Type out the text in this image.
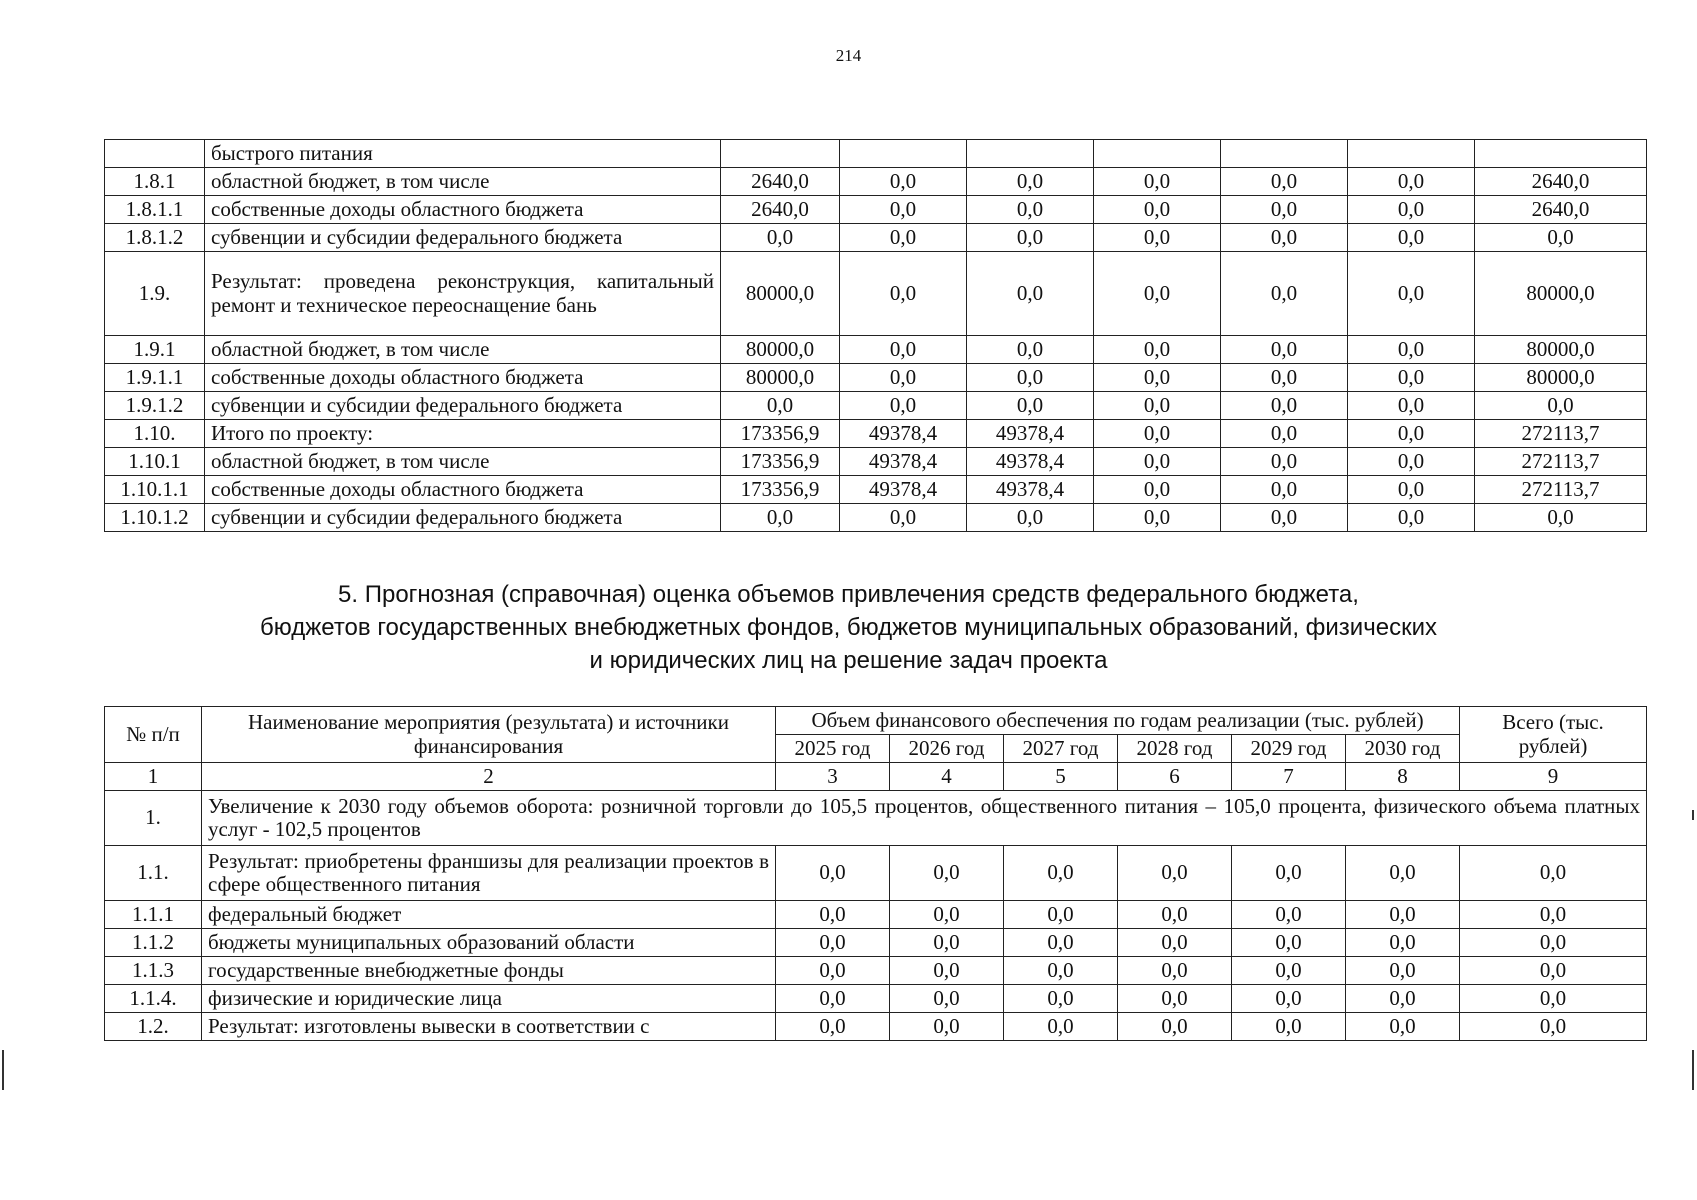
214
	быстрого питания							
1.8.1	областной бюджет, в том числе	2640,0	0,0	0,0	0,0	0,0	0,0	2640,0
1.8.1.1	собственные доходы областного бюджета	2640,0	0,0	0,0	0,0	0,0	0,0	2640,0
1.8.1.2	субвенции и субсидии федерального бюджета	0,0	0,0	0,0	0,0	0,0	0,0	0,0
1.9.	Результат: проведена реконструкция, капитальный ремонт и техническое переоснащение бань	80000,0	0,0	0,0	0,0	0,0	0,0	80000,0
1.9.1	областной бюджет, в том числе	80000,0	0,0	0,0	0,0	0,0	0,0	80000,0
1.9.1.1	собственные доходы областного бюджета	80000,0	0,0	0,0	0,0	0,0	0,0	80000,0
1.9.1.2	субвенции и субсидии федерального бюджета	0,0	0,0	0,0	0,0	0,0	0,0	0,0
1.10.	Итого по проекту:	173356,9	49378,4	49378,4	0,0	0,0	0,0	272113,7
1.10.1	областной бюджет, в том числе	173356,9	49378,4	49378,4	0,0	0,0	0,0	272113,7
1.10.1.1	собственные доходы областного бюджета	173356,9	49378,4	49378,4	0,0	0,0	0,0	272113,7
1.10.1.2	субвенции и субсидии федерального бюджета	0,0	0,0	0,0	0,0	0,0	0,0	0,0
5. Прогнозная (справочная) оценка объемов привлечения средств федерального бюджета,
бюджетов государственных внебюджетных фондов, бюджетов муниципальных образований, физических
и юридических лиц на решение задач проекта
№ п/п	Наименование мероприятия (результата) и источники финансирования	Объем финансового обеспечения по годам реализации (тыс. рублей)						Всего (тыс. рублей)
		2025 год	2026 год	2027 год	2028 год	2029 год	2030 год	
1	2	3	4	5	6	7	8	9
1.	Увеличение к 2030 году объемов оборота: розничной торговли до 105,5 процентов, общественного питания – 105,0 процента, физического объема платных услуг - 102,5 процентов							
1.1.	Результат: приобретены франшизы для реализации проектов в сфере общественного питания	0,0	0,0	0,0	0,0	0,0	0,0	0,0
1.1.1	федеральный бюджет	0,0	0,0	0,0	0,0	0,0	0,0	0,0
1.1.2	бюджеты муниципальных образований области	0,0	0,0	0,0	0,0	0,0	0,0	0,0
1.1.3	государственные внебюджетные фонды	0,0	0,0	0,0	0,0	0,0	0,0	0,0
1.1.4.	физические и юридические лица	0,0	0,0	0,0	0,0	0,0	0,0	0,0
1.2.	Результат: изготовлены вывески в соответствии с	0,0	0,0	0,0	0,0	0,0	0,0	0,0
